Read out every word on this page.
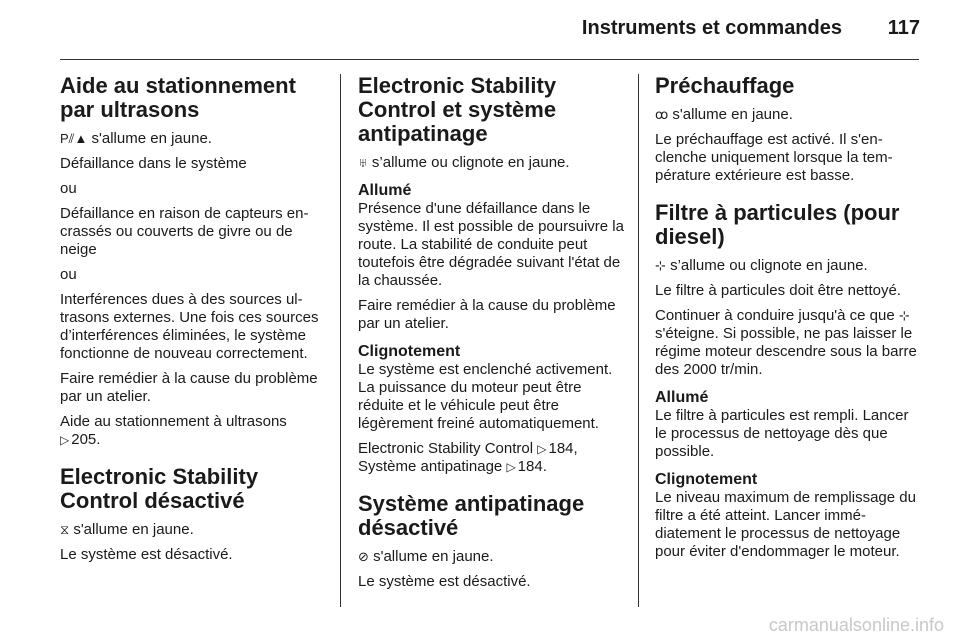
Instruments et commandes 117
Aide au stationnement par ultrasons

P⫽▲ s'allume en jaune.

Défaillance dans le système

ou

Défaillance en raison de capteurs encrassés ou couverts de givre ou de neige

ou

Interférences dues à des sources ultrasons externes. Une fois ces sources d’interférences éliminées, le système fonctionne de nouveau correctement.

Faire remédier à la cause du problème par un atelier.

Aide au stationnement à ultrasons
▷ 205.

Electronic Stability Control désactivé

⧖ s'allume en jaune.

Le système est désactivé.

Electronic Stability Control et système antipatinage

♅ s’allume ou clignote en jaune.

Allumé

Présence d'une défaillance dans le système. Il est possible de poursuivre la route. La stabilité de conduite peut toutefois être dégradée suivant l'état de la chaussée.

Faire remédier à la cause du problème par un atelier.

Clignotement

Le système est enclenché activement. La puissance du moteur peut être réduite et le véhicule peut être légèrement freiné automatiquement.

Electronic Stability Control ▷ 184,
Système antipatinage ▷ 184.

Système antipatinage désactivé

⊘ s'allume en jaune.

Le système est désactivé.

Préchauffage

ꝏ s'allume en jaune.

Le préchauffage est activé. Il s'enclenche uniquement lorsque la température extérieure est basse.

Filtre à particules (pour diesel)

⊹ s’allume ou clignote en jaune.

Le filtre à particules doit être nettoyé.

Continuer à conduire jusqu'à ce que ⊹ s'éteigne. Si possible, ne pas laisser le régime moteur descendre sous la barre des 2000 tr/min.

Allumé

Le filtre à particules est rempli. Lancer le processus de nettoyage dès que possible.

Clignotement

Le niveau maximum de remplissage du filtre a été atteint. Lancer immédiatement le processus de nettoyage pour éviter d'endommager le moteur.

carmanualsonline.info
